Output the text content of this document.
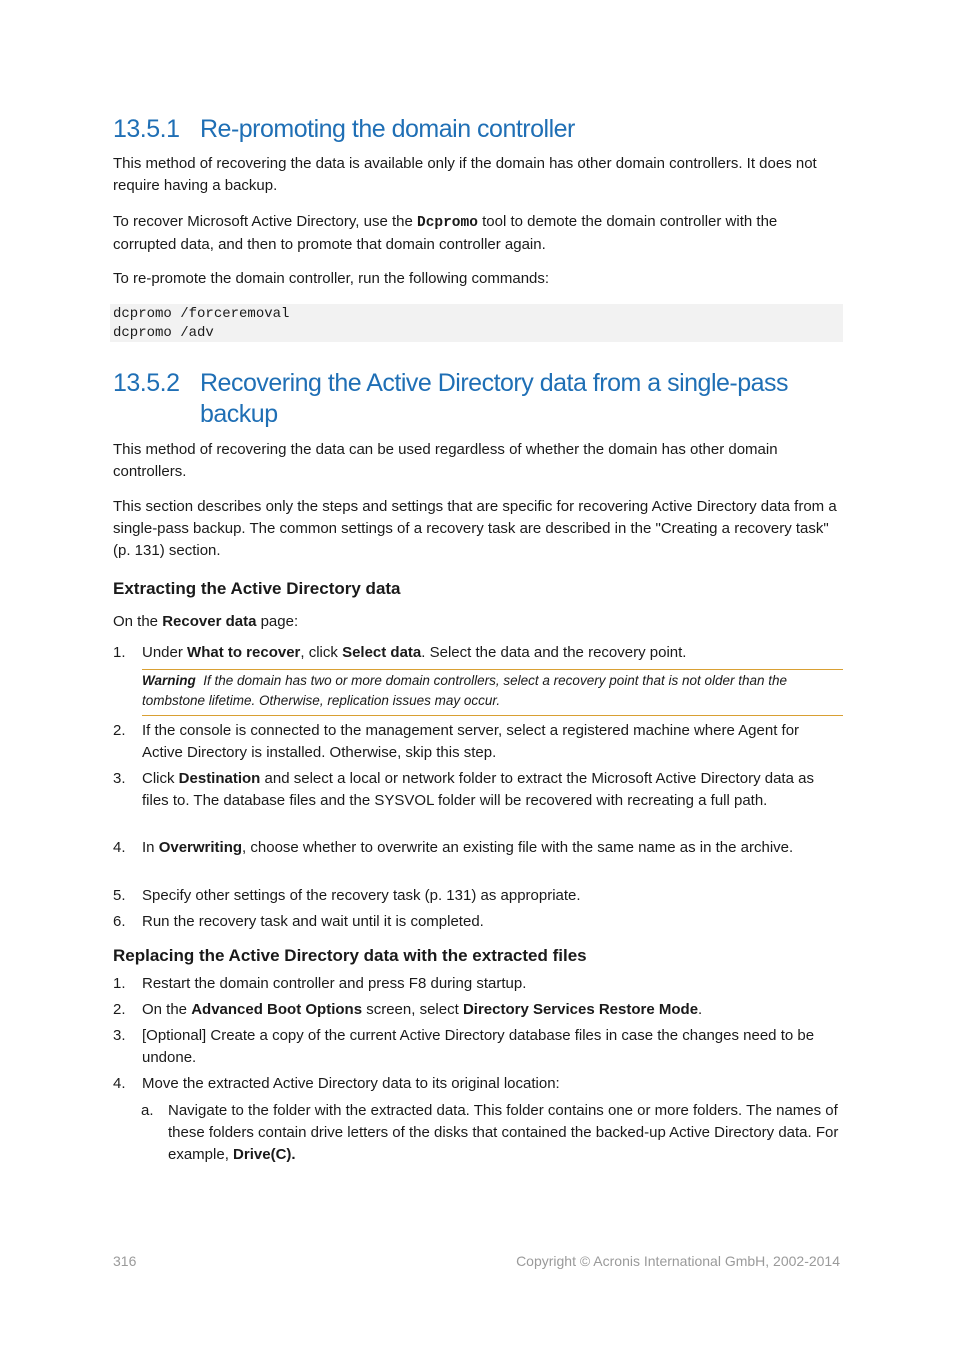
13.5.1 Re-promoting the domain controller

This method of recovering the data is available only if the domain has other domain controllers. It does not require having a backup.

To recover Microsoft Active Directory, use the Dcpromo tool to demote the domain controller with the corrupted data, and then to promote that domain controller again.

To re-promote the domain controller, run the following commands:

dcpromo /forceremoval
dcpromo /adv
13.5.2 Recovering the Active Directory data from a single-pass backup

This method of recovering the data can be used regardless of whether the domain has other domain controllers.

This section describes only the steps and settings that are specific for recovering Active Directory data from a single-pass backup. The common settings of a recovery task are described in the "Creating a recovery task" (p. 131) section.

Extracting the Active Directory data

On the Recover data page:

1.	Under What to recover, click Select data. Select the data and the recovery point.
Warning If the domain has two or more domain controllers, select a recovery point that is not older than the tombstone lifetime. Otherwise, replication issues may occur.
2.	If the console is connected to the management server, select a registered machine where Agent for Active Directory is installed. Otherwise, skip this step.
3.	Click Destination and select a local or network folder to extract the Microsoft Active Directory data as files to. The database files and the SYSVOL folder will be recovered with recreating a full path.
4.	In Overwriting, choose whether to overwrite an existing file with the same name as in the archive.
5.	Specify other settings of the recovery task (p. 131) as appropriate.
6.	Run the recovery task and wait until it is completed.
Replacing the Active Directory data with the extracted files
1.	Restart the domain controller and press F8 during startup.
2.	On the Advanced Boot Options screen, select Directory Services Restore Mode.
3.	[Optional] Create a copy of the current Active Directory database files in case the changes need to be undone.
4.	Move the extracted Active Directory data to its original location:
a. Navigate to the folder with the extracted data. This folder contains one or more folders. The names of these folders contain drive letters of the disks that contained the backed-up Active Directory data. For example, Drive(C).
316	Copyright © Acronis International GmbH, 2002-2014
